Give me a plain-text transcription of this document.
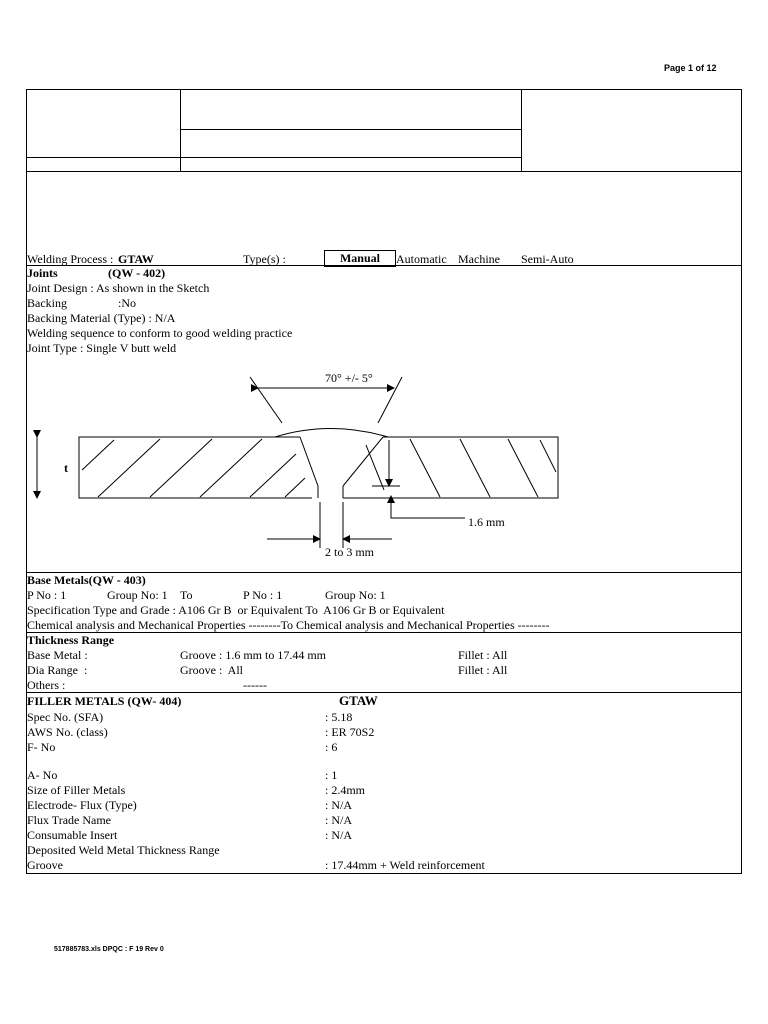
Page 1 of 12
Welding Process : GTAW	Type(s) :	Manual	Automatic Machine Semi-Auto
Joints	(QW - 402)
Joint Design : As shown in the Sketch
Backing                 :No
Backing Material (Type) : N/A
Welding sequence to conform to good welding practice
Joint Type : Single V butt weld
70° +/- 5°
t
1.6 mm
2 to 3 mm
Base Metals(QW - 403)
P No : 1	Group No: 1 To	P No : 1	Group No: 1
Specification Type and Grade : A106 Gr B  or Equivalent To  A106 Gr B or Equivalent
Chemical analysis and Mechanical Properties --------To Chemical analysis and Mechanical Properties --------
Thickness Range
Base Metal :	Groove : 1.6 mm to 17.44 mm	Fillet : All
Dia Range  :	Groove :  All	Fillet : All
Others :	------
FILLER METALS (QW- 404)	GTAW
Spec No. (SFA)	: 5.18
AWS No. (class)	: ER 70S2
F- No	: 6
A- No	: 1
Size of Filler Metals	: 2.4mm
Electrode- Flux (Type)	: N/A
Flux Trade Name	: N/A
Consumable Insert	: N/A
Deposited Weld Metal Thickness Range
Groove	: 17.44mm + Weld reinforcement
517885783.xls DPQC : F 19 Rev 0
